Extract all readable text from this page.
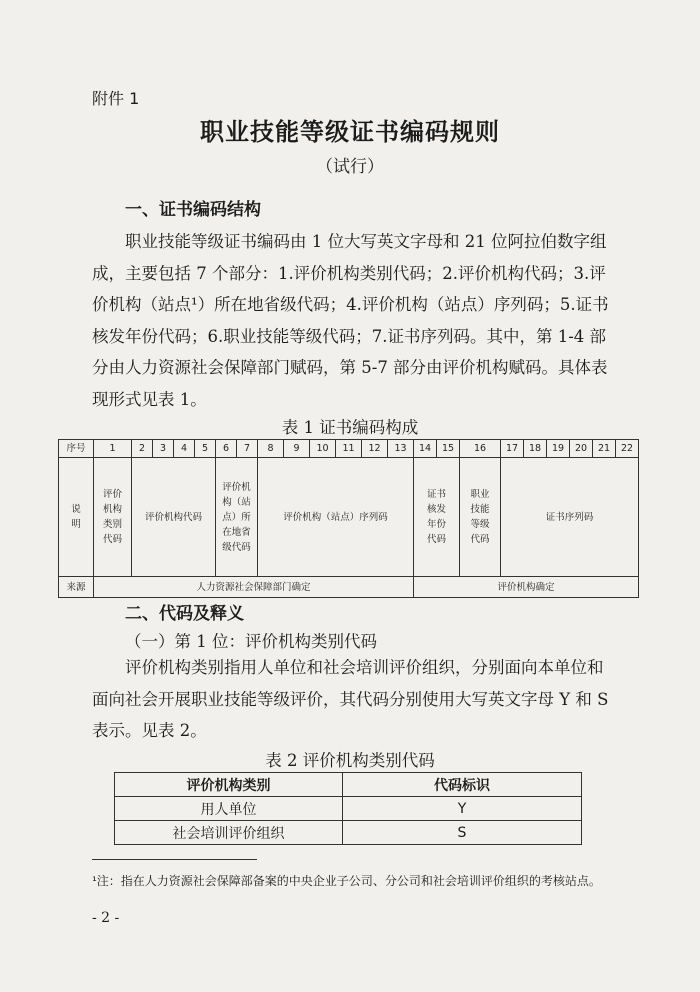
附件 1
职业技能等级证书编码规则
（试行）
一、证书编码结构
职业技能等级证书编码由 1 位大写英文字母和 21 位阿拉伯数字组成，主要包括 7 个部分：1.评价机构类别代码；2.评价机构代码；3.评价机构（站点¹）所在地省级代码；4.评价机构（站点）序列码；5.证书核发年份代码；6.职业技能等级代码；7.证书序列码。其中，第 1-4 部分由人力资源社会保障部门赋码，第 5-7 部分由评价机构赋码。具体表现形式见表 1。
表 1 证书编码构成
序号	1	2	3	4	5	6	7	8	9	10	11	12	13	14	15	16	17	18	19	20	21	22
说明	评价机构类别代码	评价机构代码				评价机构（站点）所在地省级代码		评价机构（站点）序列码						证书核发年份代码		职业技能等级代码	证书序列码					
来源	人力资源社会保障部门确定													评价机构确定								
二、代码及释义
（一）第 1 位：评价机构类别代码
评价机构类别指用人单位和社会培训评价组织，分别面向本单位和面向社会开展职业技能等级评价，其代码分别使用大写英文字母 Y 和 S 表示。见表 2。
表 2 评价机构类别代码
评价机构类别	代码标识
用人单位	Y
社会培训评价组织	S
¹注：指在人力资源社会保障部备案的中央企业子公司、分公司和社会培训评价组织的考核站点。
- 2 -
